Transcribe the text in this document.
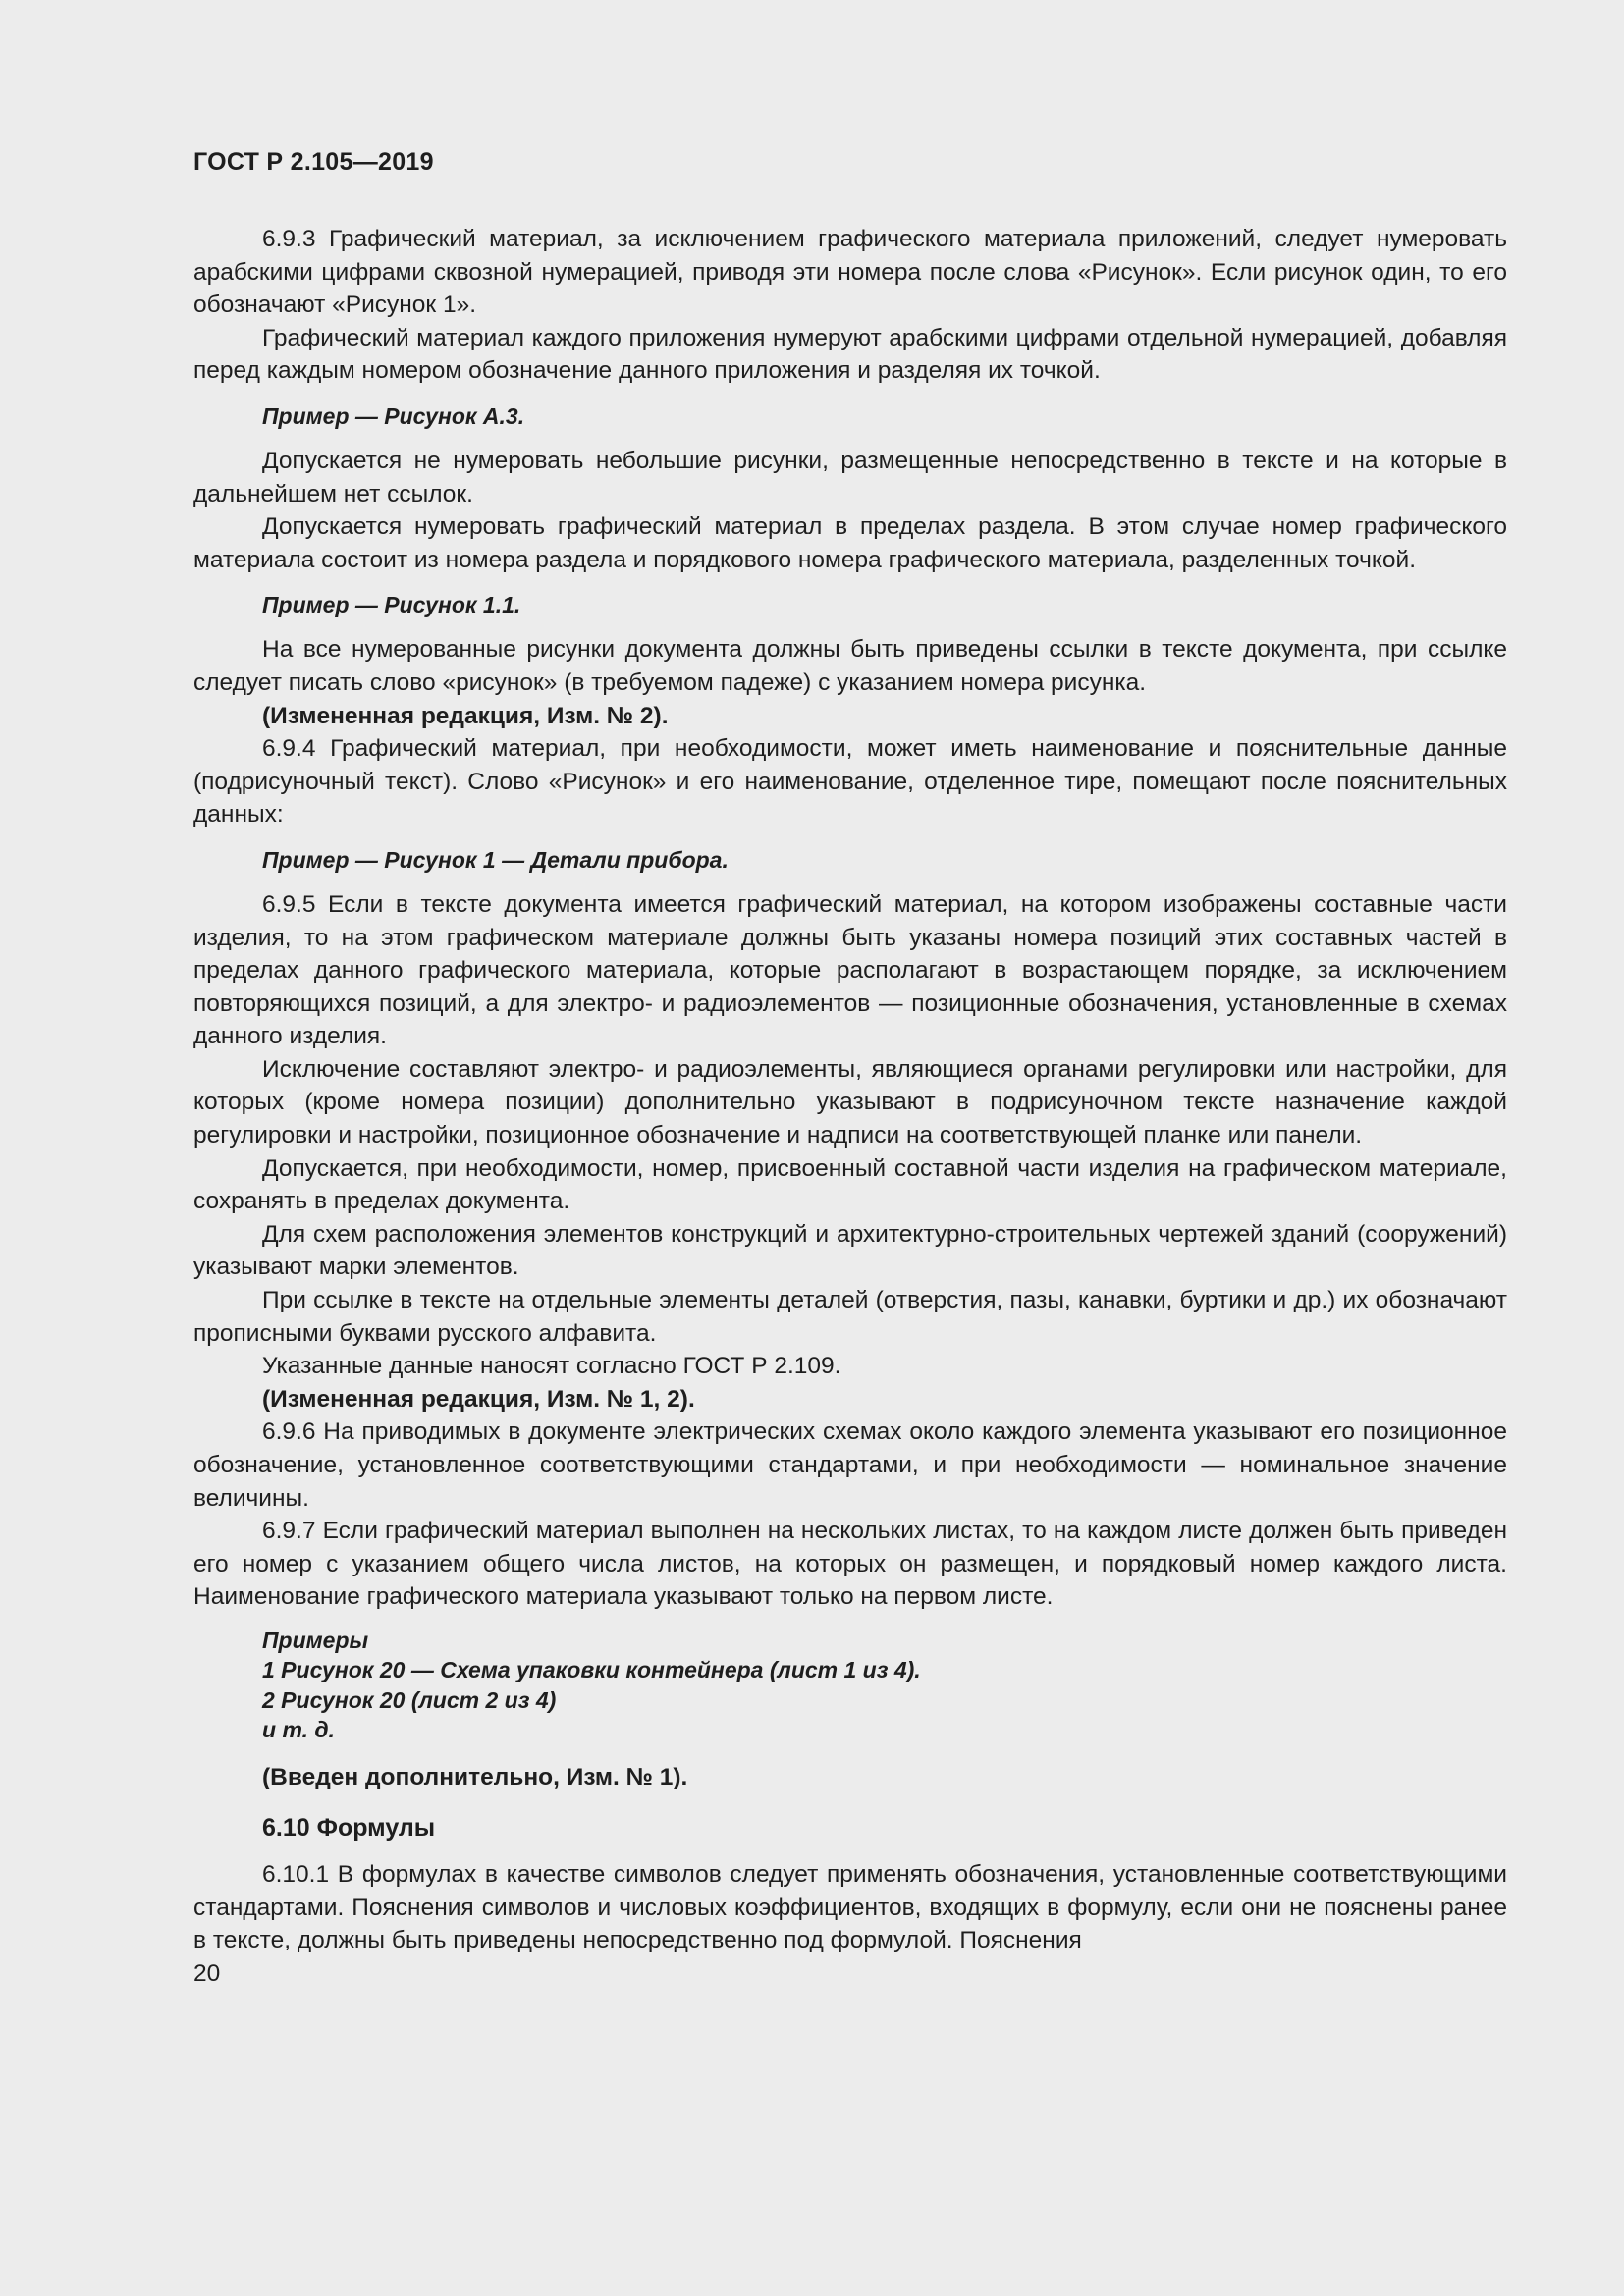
ГОСТ Р 2.105—2019

6.9.3 Графический материал, за исключением графического материала приложений, следует нумеровать арабскими цифрами сквозной нумерацией, приводя эти номера после слова «Рисунок». Если рисунок один, то его обозначают «Рисунок 1».

Графический материал каждого приложения нумеруют арабскими цифрами отдельной нумерацией, добавляя перед каждым номером обозначение данного приложения и разделяя их точкой.

Пример — Рисунок А.3.

Допускается не нумеровать небольшие рисунки, размещенные непосредственно в тексте и на которые в дальнейшем нет ссылок.

Допускается нумеровать графический материал в пределах раздела. В этом случае номер графического материала состоит из номера раздела и порядкового номера графического материала, разделенных точкой.

Пример — Рисунок 1.1.

На все нумерованные рисунки документа должны быть приведены ссылки в тексте документа, при ссылке следует писать слово «рисунок» (в требуемом падеже) с указанием номера рисунка.

(Измененная редакция, Изм. № 2).

6.9.4 Графический материал, при необходимости, может иметь наименование и пояснительные данные (подрисуночный текст). Слово «Рисунок» и его наименование, отделенное тире, помещают после пояснительных данных:

Пример — Рисунок 1 — Детали прибора.

6.9.5 Если в тексте документа имеется графический материал, на котором изображены составные части изделия, то на этом графическом материале должны быть указаны номера позиций этих составных частей в пределах данного графического материала, которые располагают в возрастающем порядке, за исключением повторяющихся позиций, а для электро- и радиоэлементов — позиционные обозначения, установленные в схемах данного изделия.

Исключение составляют электро- и радиоэлементы, являющиеся органами регулировки или настройки, для которых (кроме номера позиции) дополнительно указывают в подрисуночном тексте назначение каждой регулировки и настройки, позиционное обозначение и надписи на соответствующей планке или панели.

Допускается, при необходимости, номер, присвоенный составной части изделия на графическом материале, сохранять в пределах документа.

Для схем расположения элементов конструкций и архитектурно-строительных чертежей зданий (сооружений) указывают марки элементов.

При ссылке в тексте на отдельные элементы деталей (отверстия, пазы, канавки, буртики и др.) их обозначают прописными буквами русского алфавита.

Указанные данные наносят согласно ГОСТ Р 2.109.

(Измененная редакция, Изм. № 1, 2).

6.9.6 На приводимых в документе электрических схемах около каждого элемента указывают его позиционное обозначение, установленное соответствующими стандартами, и при необходимости — номинальное значение величины.

6.9.7 Если графический материал выполнен на нескольких листах, то на каждом листе должен быть приведен его номер с указанием общего числа листов, на которых он размещен, и порядковый номер каждого листа. Наименование графического материала указывают только на первом листе.

Примеры
1 Рисунок 20 — Схема упаковки контейнера (лист 1 из 4).
2 Рисунок 20 (лист 2 из 4)
и т. д.
(Введен дополнительно, Изм. № 1).
6.10 Формулы

6.10.1 В формулах в качестве символов следует применять обозначения, установленные соответствующими стандартами. Пояснения символов и числовых коэффициентов, входящих в формулу, если они не пояснены ранее в тексте, должны быть приведены непосредственно под формулой. Пояснения

20
